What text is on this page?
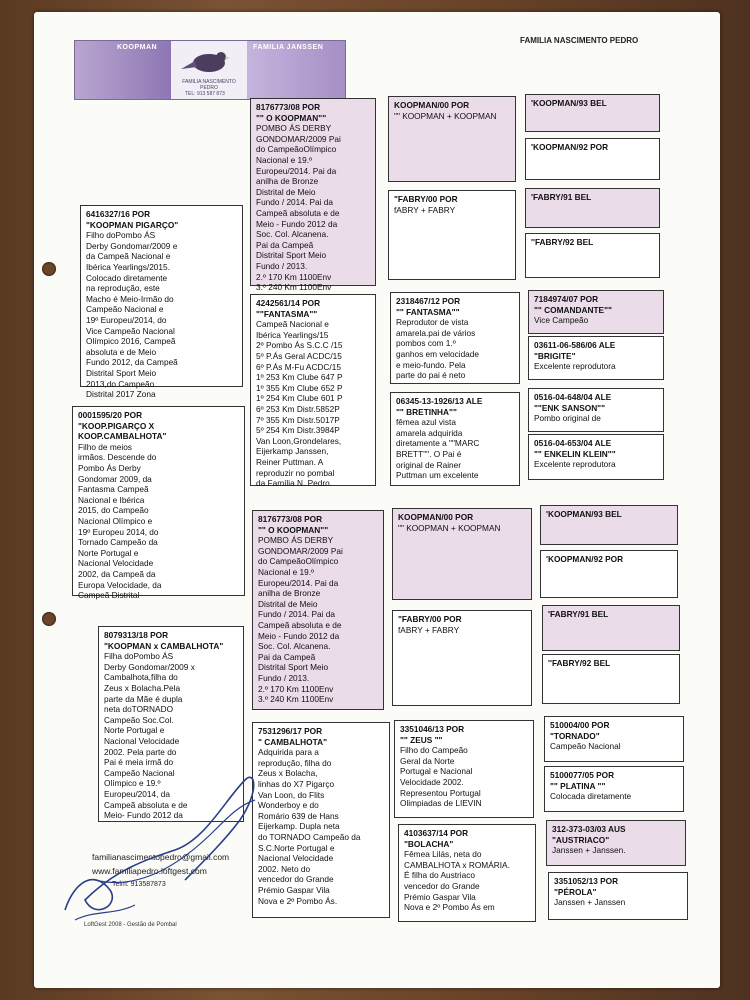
FAMILIA NASCIMENTO PEDRO
KOOPMAN
FAMILIA NASCIMENTO PEDRO
FAMILIA JANSSEN
TEL: 913 587 873
6416327/16 POR
"KOOPMAN PIGARÇO"
Filho doPombo ÁS
Derby Gondomar/2009 e
da Campeã Nacional e
Ibérica Yearlings/2015.
Colocado diretamente
na reprodução, este
Macho é Meio-Irmão do
Campeão Nacional e
19º Europeu/2014, do
Vice Campeão Nacional
Olímpico 2016, Campeã
absoluta e de Meio
Fundo 2012, da Campeã
Distrital Sport Meio
2013,do Campeão
Distrital 2017 Zona
0001595/20 POR
"KOOP.PIGARÇO X
KOOP.CAMBALHOTA"
Filho de meios
irmãos. Descende do
Pombo Ás Derby
Gondomar 2009, da
Fantasma Campeã
Nacional e Ibérica
2015, do Campeão
Nacional Olímpico e
19º Europeu 2014, do
Tornado Campeão da
Norte Portugal e
Nacional Velocidade
2002, da Campeã da
Europa Velocidade, da
Campeã Distrital
8079313/18 POR
"KOOPMAN x CAMBALHOTA"
Filha doPombo ÁS
Derby Gondomar/2009 x
Cambalhota,filha do
Zeus x Bolacha.Pela
parte da Mãe é dupla
neta doTORNADO
Campeão Soc.Col.
Norte Portugal e
Nacional Velocidade
2002. Pela parte do
Pai é meia irmã do
Campeão Nacional
Olímpico e 19.º
Europeu/2014, da
Campeã absoluta e de
Meio- Fundo 2012 da
8176773/08 POR
"" O KOOPMAN""
POMBO ÁS DERBY
GONDOMAR/2009 Pai
do CampeãoOlímpico
Nacional e 19.º
Europeu/2014. Pai da
anilha de Bronze
Distrital de Meio
Fundo / 2014. Pai da
Campeã absoluta e de
Meio - Fundo 2012 da
Soc. Col. Alcanena.
Pai da Campeã
Distrital Sport Meio
Fundo / 2013.
2.º 170 Km 1100Env
3.º 240 Km 1100Env
4242561/14 POR
""FANTASMA""
Campeã Nacional e
Ibérica Yearlings/15
2º Pombo Ás S.C.C /15
5º P.Ás Geral ACDC/15
6º P.Ás M-Fu ACDC/15
1º 253 Km Clube 647 P
1º 355 Km Clube 652 P
1º 254 Km Clube 601 P
6º 253 Km Distr.5852P
7º 355 Km Distr.5017P
5º 254 Km Distr.3984P
Van Loon,Grondelares,
Eijerkamp Janssen,
Reiner Puttman. A
reproduzir no pombal
da Família N. Pedro.
8176773/08 POR
"" O KOOPMAN""
POMBO ÁS DERBY
GONDOMAR/2009 Pai
do CampeãoOlímpico
Nacional e 19.º
Europeu/2014. Pai da
anilha de Bronze
Distrital de Meio
Fundo / 2014. Pai da
Campeã absoluta e de
Meio - Fundo 2012 da
Soc. Col. Alcanena.
Pai da Campeã
Distrital Sport Meio
Fundo / 2013.
2.º 170 Km 1100Env
3.º 240 Km 1100Env
7531296/17 POR
" CAMBALHOTA"
Adquirida para a
reprodução, filha do
Zeus x Bolacha,
linhas do X7 Pigarço
Van Loon, do Flits
Wonderboy e do
Romário 639 de Hans
Eijerkamp. Dupla neta
do TORNADO Campeão da
S.C.Norte Portugal e
Nacional Velocidade
2002. Neto do
vencedor do Grande
Prémio Gaspar Vila
Nova e 2º Pombo Ás.
KOOPMAN/00 POR
"" KOOPMAN + KOOPMAN
"FABRY/00 POR
fABRY + FABRY
2318467/12 POR
"" FANTASMA""
Reprodutor de vista
amarela.pai de vários
pombos com 1.º
ganhos em velocidade
e meio-fundo. Pela
parte do pai é neto
06345-13-1926/13 ALE
"" BRETINHA""
fêmea azul vista
amarela adquirida
diretamente a ""MARC
BRETT"". O Pai é
original de Rainer
Puttman um excelente
KOOPMAN/00 POR
"" KOOPMAN + KOOPMAN
"FABRY/00 POR
fABRY + FABRY
3351046/13 POR
"" ZEUS ""
Filho do Campeão
Geral da Norte
Portugal e Nacional
Velocidade 2002.
Representou Portugal
Olimpiadas de LIEVIN
4103637/14 POR
"BOLACHA"
Fêmea Lilás, neta do
CAMBALHOTA x ROMÁRIA.
É filha do Austriaco
vencedor do Grande
Prémio Gaspar Vila
Nova e 2º Pombo Ás em
'KOOPMAN/93 BEL
'KOOPMAN/92 POR
'FABRY/91 BEL
''FABRY/92 BEL
7184974/07 POR
"" COMANDANTE""
Vice Campeão
03611-06-586/06 ALE
"BRIGITE"
Excelente reprodutora
0516-04-648/04 ALE
""ENK SANSON""
Pombo original de
0516-04-653/04 ALE
"" ENKELIN KLEIN""
Excelente reprodutora
'KOOPMAN/93 BEL
'KOOPMAN/92 POR
'FABRY/91 BEL
''FABRY/92 BEL
510004/00 POR
"TORNADO"
Campeão Nacional
5100077/05 POR
"" PLATINA ""
Colocada diretamente
312-373-03/03 AUS
"AUSTRIACO"
Janssen + Janssen.
3351052/13 POR
"PÉROLA"
Janssen + Janssen
familianascimentopedro@gmail.com
www.familiapedro.loftgest.com
Telm: 913587873
LoftGest 2008 - Gestão de Pombal
